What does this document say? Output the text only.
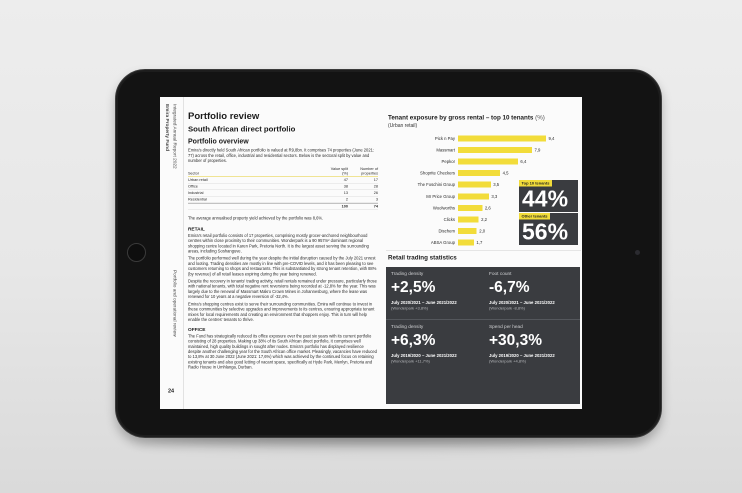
Emira Property Fund Integrated Annual Report 2022
Portfolio and operational review
24
Portfolio review
South African direct portfolio
Portfolio overview

Emira's directly held South African portfolio is valued at R9,8bn. It comprises 74 properties (June 2021: 77) across the retail, office, industrial and residential sectors. Below is the sectoral split by value and number of properties.

Sector
Value split (%)
Number of properties
Urban retail	47	17
Office	38	28
Industrial	13	26
Residential	2	3
100	74

The average annualised property yield achieved by the portfolio was 8,6%.

RETAIL

Emira's retail portfolio consists of 17 properties, comprising mostly grocer-anchored neighbourhood centres within close proximity to their communities. Wonderpark is a 90 957m² dominant regional shopping centre located in Karen Park, Pretoria North. It is the largest asset serving the surrounding areas, including Soshanguve.

The portfolio performed well during the year despite the initial disruption caused by the July 2021 unrest and looting. Trading densities are mostly in line with pre-COVID levels, and it has been pleasing to see customers returning to shops and restaurants. This is substantiated by strong tenant retention, with 88% (by revenue) of all retail leases expiring during the year being renewed.

Despite the recovery in tenants' trading activity, retail rentals remained under pressure, particularly those with national tenants, with total negative rent reversions being recorded at -12,8% for the year. This was largely due to the renewal of Massmart Makro Crown Mines in Johannesburg, where the lease was renewed for 10 years at a negative reversion of -32,4%.

Emira's shopping centres exist to serve their surrounding communities. Emira will continue to invest in these communities by selective upgrades and improvements to its centres, ensuring appropriate tenant mixes for local requirements and creating an environment that shoppers enjoy. This in turn will help enable the centres' tenants to thrive.

OFFICE

The Fund has strategically reduced its office exposure over the past six years with its current portfolio consisting of 28 properties. Making up 38% of its South African direct portfolio, it comprises well maintained, high quality buildings in sought after nodes. Emira's portfolio has displayed resilience despite another challenging year for the South African office market. Pleasingly, vacancies have reduced to 13,8% at 30 June 2022 (June 2021: 17,6%) which was achieved by the continued focus on retaining existing tenants and also good letting of vacant space, specifically at Hyde Park, Menlyn, Pretoria and Radio House in Umhlanga, Durban.

Tenant exposure by gross rental – top 10 tenants (%)
(Urban retail)
Pick n Pay	9,4
Massmart	7,9
Pepkor	6,4
Shoprite Checkers	4,5
The Foschini Group	3,5
Mr Price Group	3,3
Woolworths	2,6
Clicks	2,2
Dischem	2,0
ABSA Group	1,7
Top 10 tenants
44%
Other tenants
56%
Retail trading statistics
Trading density
+2,5%
July 2020/2021 – June 2021/2022
(Wonderpark +3,8%)
Foot count
-6,7%
July 2020/2021 – June 2021/2022
(Wonderpark -8,8%)
Trading density
+6,3%
July 2019/2020 – June 2021/2022
(Wonderpark +11,7%)
Spend per head
+30,3%
July 2019/2020 – June 2021/2022
(Wonderpark +4,8%)
